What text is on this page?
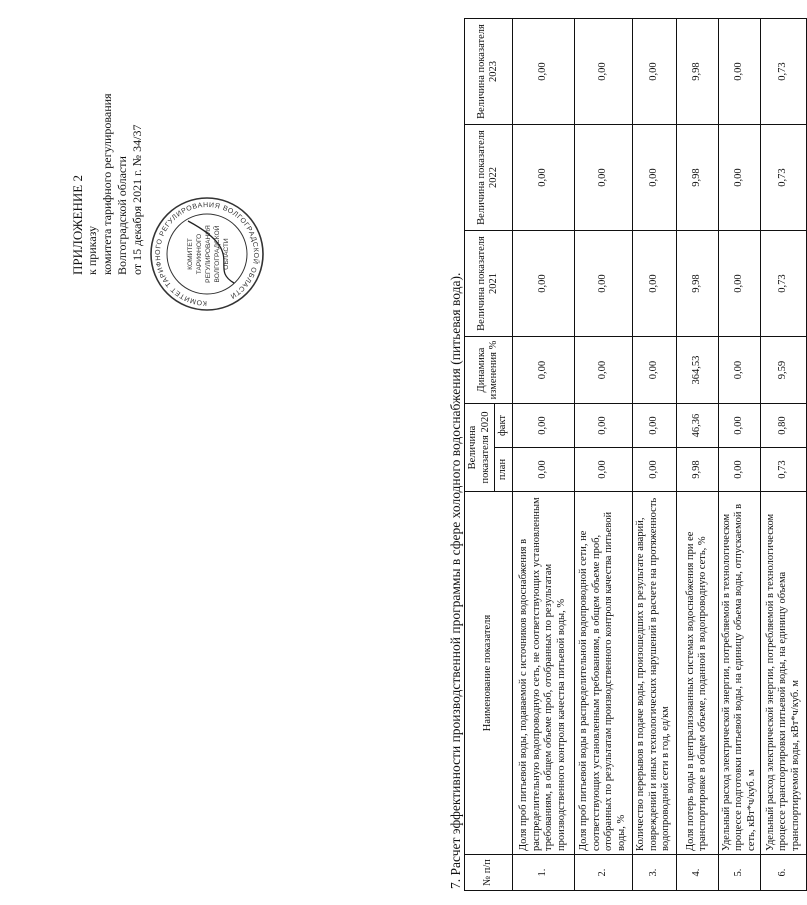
ПРИЛОЖЕНИЕ 2 к приказу комитета тарифного регулирования Волгоградской области от 15 декабря 2021 г. № 34/37
КОМИТЕТ ТАРИФНОГО РЕГУЛИРОВАНИЯ ВОЛГОГРАДСКОЙ ОБЛАСТИ
КОМИТЕТ ТАРИФНОГО РЕГУЛИРОВАНИЯ ВОЛГОГРАДСКОЙ ОБЛАСТИ
7. Расчет эффективности производственной программы в сфере холодного водоснабжения (питьевая вода). № п/п	Наименование показателя	Величина показателя 2020		Динамика изменения %	Величина показателя 2021	Величина показателя 2022	Величина показателя 2023
		план	факт				
1.	Доля проб питьевой воды, подаваемой с источников водоснабжения в распределительную водопроводную сеть, не соответствующих установленным требованиям, в общем объеме проб, отобранных по результатам производственного контроля качества питьевой воды, %	0,00	0,00	0,00	0,00	0,00	0,00
2.	Доля проб питьевой воды в распределительной водопроводной сети, не соответствующих установленным требованиям, в общем объеме проб, отобранных по результатам производственного контроля качества питьевой воды, %	0,00	0,00	0,00	0,00	0,00	0,00
3.	Количество перерывов в подаче воды, произошедших в результате аварий, повреждений и иных технологических нарушений в расчете на протяженность водопроводной сети в год, ед/км	0,00	0,00	0,00	0,00	0,00	0,00
4.	Доля потерь воды в централизованных системах водоснабжения при ее транспортировке в общем объеме, поданной в водопроводную сеть, %	9,98	46,36	364,53	9,98	9,98	9,98
5.	Удельный расход электрической энергии, потребляемой в технологическом процессе подготовки питьевой воды, на единицу объема воды, отпускаемой в сеть, кВт*ч/куб. м	0,00	0,00	0,00	0,00	0,00	0,00
6.	Удельный расход электрической энергии, потребляемой в технологическом процессе транспортировки питьевой воды, на единицу объема транспортируемой воды, кВт*ч/куб. м	0,73	0,80	9,59	0,73	0,73	0,73
